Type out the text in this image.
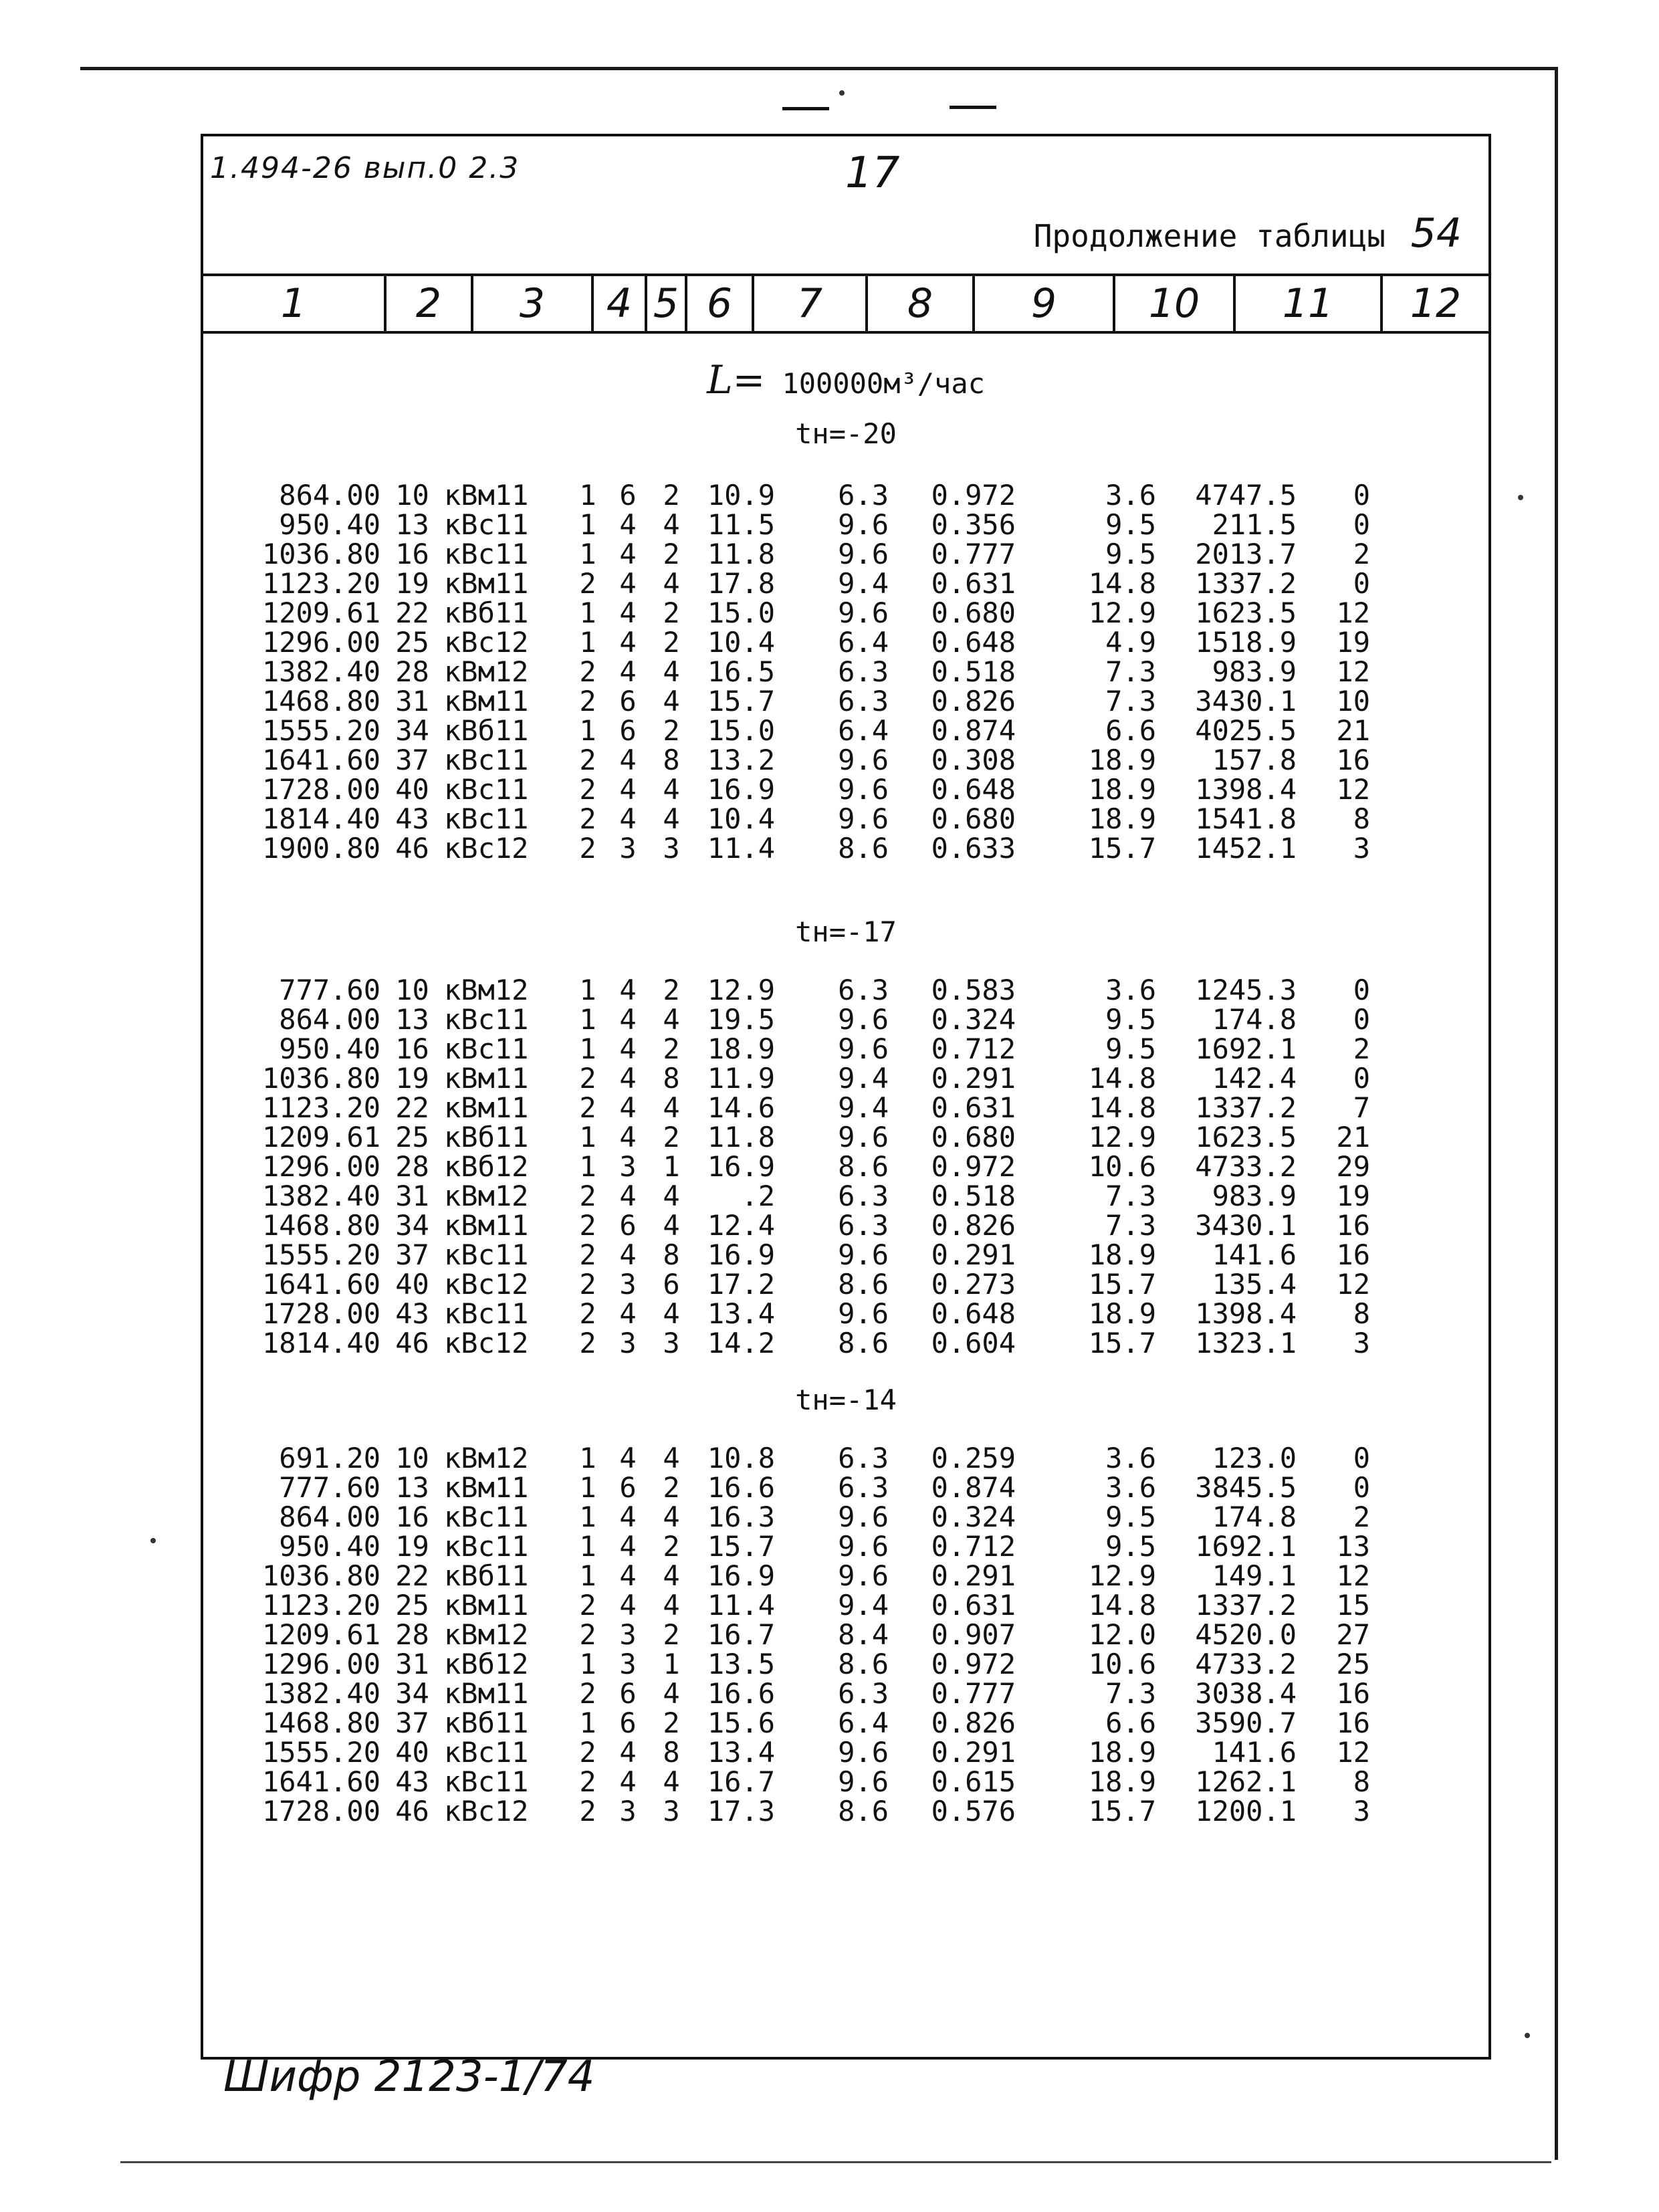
1.494-26 вып.0 2.3	17
Продолжение таблицы 54
1	2	3	4 5 6	7	8	9	10	11	12
L= 100000м³/час
tн=-20
864.00	10	кВм11	1	6	2	10.9	6.3	0.972	3.6	4747.5	0
950.40	13	кВс11	1	4	4	11.5	9.6	0.356	9.5	211.5	0
1036.80	16	кВс11	1	4	2	11.8	9.6	0.777	9.5	2013.7	2
1123.20	19	кВм11	2	4	4	17.8	9.4	0.631	14.8	1337.2	0
1209.61	22	кВб11	1	4	2	15.0	9.6	0.680	12.9	1623.5	12
1296.00	25	кВс12	1	4	2	10.4	6.4	0.648	4.9	1518.9	19
1382.40	28	кВм12	2	4	4	16.5	6.3	0.518	7.3	983.9	12
1468.80	31	кВм11	2	6	4	15.7	6.3	0.826	7.3	3430.1	10
1555.20	34	кВб11	1	6	2	15.0	6.4	0.874	6.6	4025.5	21
1641.60	37	кВс11	2	4	8	13.2	9.6	0.308	18.9	157.8	16
1728.00	40	кВс11	2	4	4	16.9	9.6	0.648	18.9	1398.4	12
1814.40	43	кВс11	2	4	4	10.4	9.6	0.680	18.9	1541.8	8
1900.80	46	кВс12	2	3	3	11.4	8.6	0.633	15.7	1452.1	3
tн=-17
777.60	10	кВм12	1	4	2	12.9	6.3	0.583	3.6	1245.3	0
864.00	13	кВс11	1	4	4	19.5	9.6	0.324	9.5	174.8	0
950.40	16	кВс11	1	4	2	18.9	9.6	0.712	9.5	1692.1	2
1036.80	19	кВм11	2	4	8	11.9	9.4	0.291	14.8	142.4	0
1123.20	22	кВм11	2	4	4	14.6	9.4	0.631	14.8	1337.2	7
1209.61	25	кВб11	1	4	2	11.8	9.6	0.680	12.9	1623.5	21
1296.00	28	кВб12	1	3	1	16.9	8.6	0.972	10.6	4733.2	29
1382.40	31	кВм12	2	4	4	.2	6.3	0.518	7.3	983.9	19
1468.80	34	кВм11	2	6	4	12.4	6.3	0.826	7.3	3430.1	16
1555.20	37	кВс11	2	4	8	16.9	9.6	0.291	18.9	141.6	16
1641.60	40	кВс12	2	3	6	17.2	8.6	0.273	15.7	135.4	12
1728.00	43	кВс11	2	4	4	13.4	9.6	0.648	18.9	1398.4	8
1814.40	46	кВс12	2	3	3	14.2	8.6	0.604	15.7	1323.1	3
tн=-14
691.20	10	кВм12	1	4	4	10.8	6.3	0.259	3.6	123.0	0
777.60	13	кВм11	1	6	2	16.6	6.3	0.874	3.6	3845.5	0
864.00	16	кВс11	1	4	4	16.3	9.6	0.324	9.5	174.8	2
950.40	19	кВс11	1	4	2	15.7	9.6	0.712	9.5	1692.1	13
1036.80	22	кВб11	1	4	4	16.9	9.6	0.291	12.9	149.1	12
1123.20	25	кВм11	2	4	4	11.4	9.4	0.631	14.8	1337.2	15
1209.61	28	кВм12	2	3	2	16.7	8.4	0.907	12.0	4520.0	27
1296.00	31	кВб12	1	3	1	13.5	8.6	0.972	10.6	4733.2	25
1382.40	34	кВм11	2	6	4	16.6	6.3	0.777	7.3	3038.4	16
1468.80	37	кВб11	1	6	2	15.6	6.4	0.826	6.6	3590.7	16
1555.20	40	кВс11	2	4	8	13.4	9.6	0.291	18.9	141.6	12
1641.60	43	кВс11	2	4	4	16.7	9.6	0.615	18.9	1262.1	8
1728.00	46	кВс12	2	3	3	17.3	8.6	0.576	15.7	1200.1	3
Шифр 2123-1/74
